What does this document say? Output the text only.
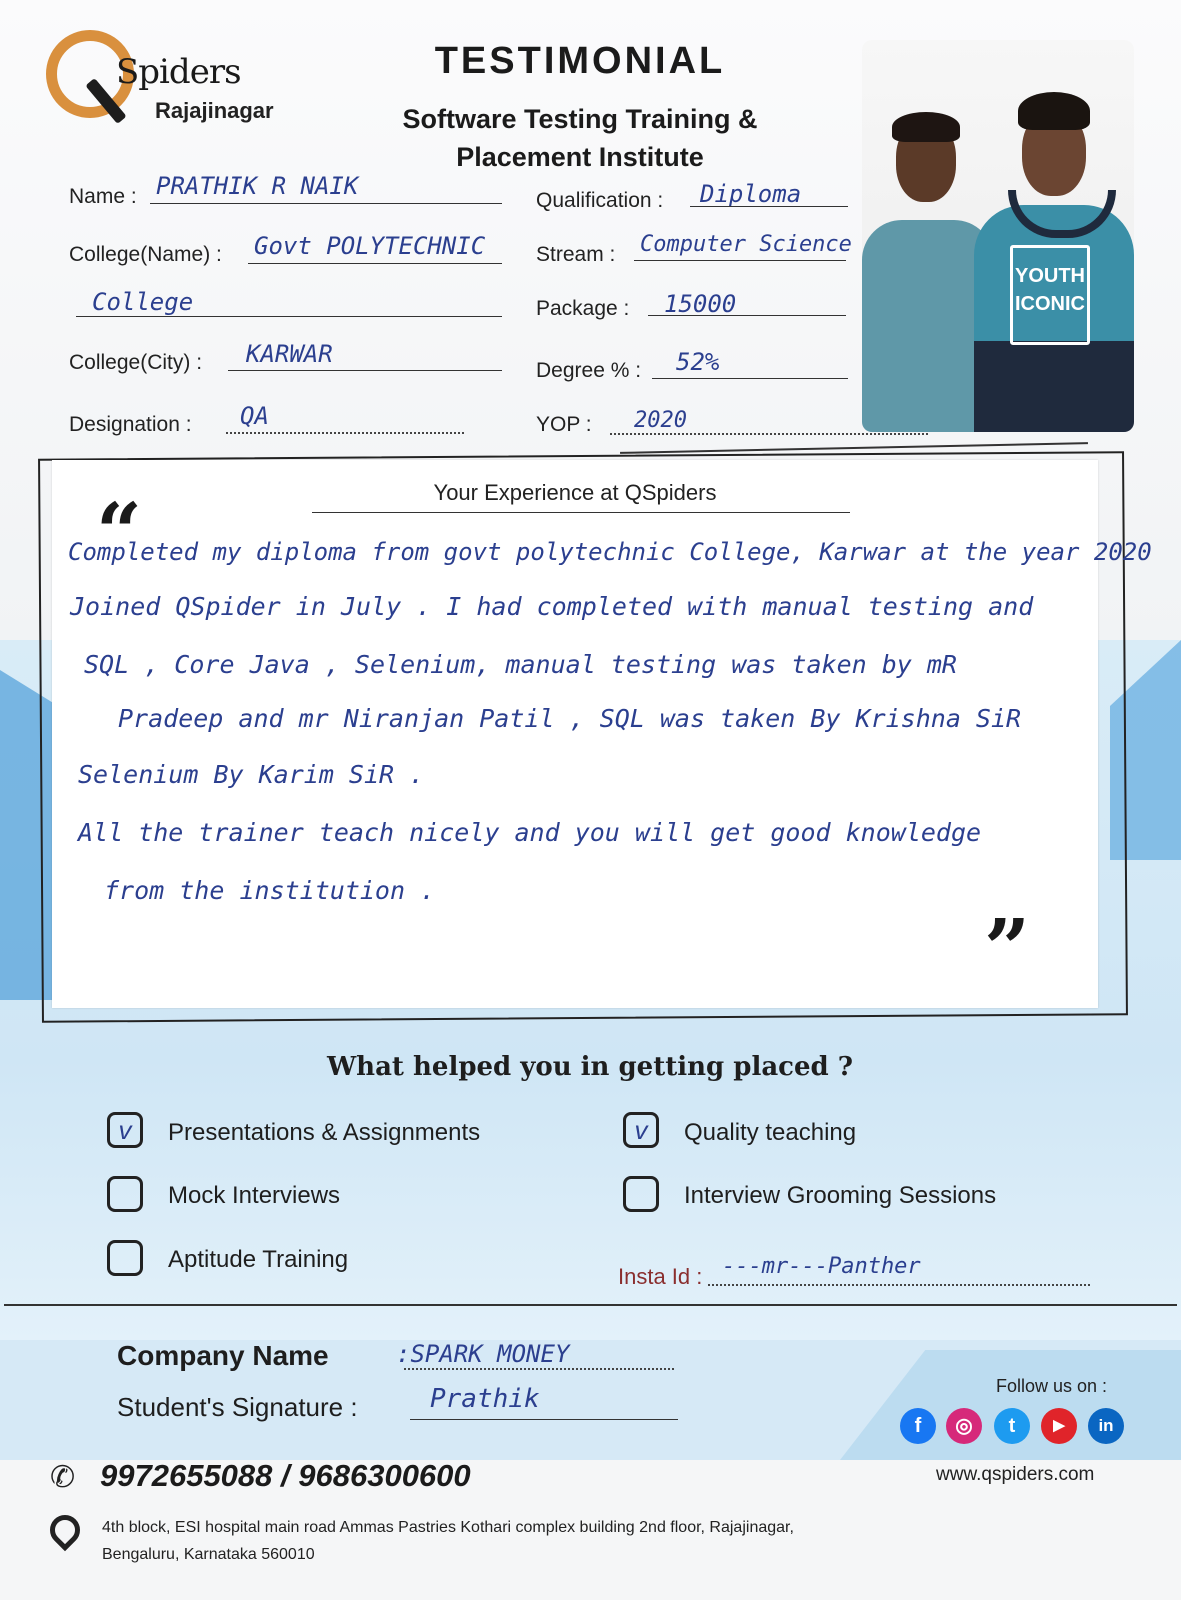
Spiders
Rajajinagar
TESTIMONIAL
Software Testing Training &
Placement Institute
Name : PRATHIK R NAIK
College(Name) : Govt POLYTECHNIC
College
College(City) : KARWAR
Designation : QA
Qualification : Diploma
Stream : Computer Science
Package : 15000
Degree % : 52%
YOP : 2020
YOUTH
ICONIC
Your Experience at QSpiders
“
”
Completed my diploma from govt polytechnic College, Karwar at the year 2020
Joined QSpider in July . I had completed with manual testing and
SQL , Core Java , Selenium, manual testing was taken by mR
Pradeep and mr Niranjan Patil , SQL was taken By Krishna SiR
Selenium By Karim SiR .
All the trainer teach nicely and you will get good knowledge
from the institution .
What helped you in getting placed ?
v	Presentations & Assignments	v	Quality teaching
Mock Interviews	Interview Grooming Sessions
Aptitude Training
Insta Id : ---mr---Panther
Company Name	:SPARK MONEY
Student's Signature :	Prathik	Follow us on :
f	◎	t	▶	in
✆ 9972655088 / 9686300600	www.qspiders.com
4th block, ESI hospital main road Ammas Pastries Kothari complex building 2nd floor, Rajajinagar,
Bengaluru, Karnataka 560010
